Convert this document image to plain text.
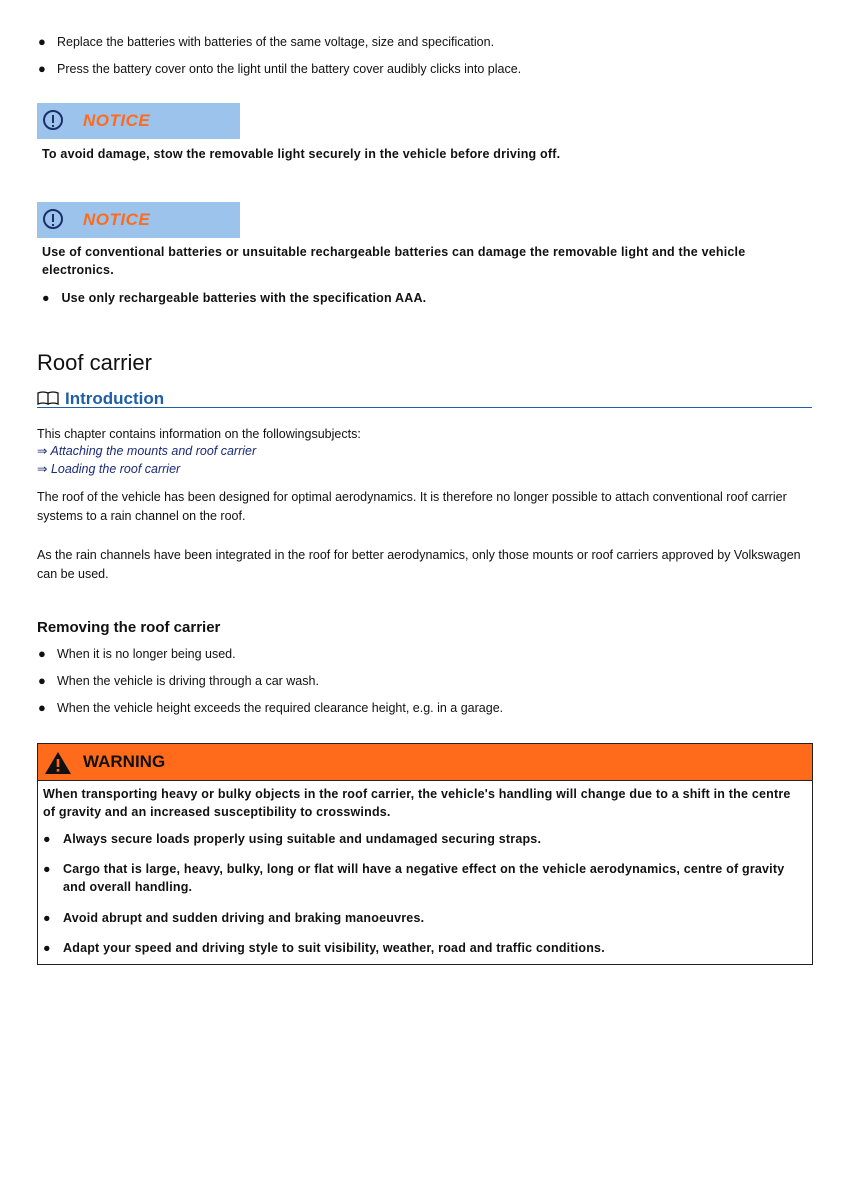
● Replace the batteries with batteries of the same voltage, size and specification.
● Press the battery cover onto the light until the battery cover audibly clicks into place.
NOTICE
To avoid damage, stow the removable light securely in the vehicle before driving off.
NOTICE
Use of conventional batteries or unsuitable rechargeable batteries can damage the removable light and the vehicle
electronics.
● Use only rechargeable batteries with the specification AAA.
Roof carrier
Introduction
This chapter contains information on the followingsubjects:
⇒ Attaching the mounts and roof carrier
⇒ Loading the roof carrier
The roof of the vehicle has been designed for optimal aerodynamics. It is therefore no longer possible to attach conventional roof carrier systems to a rain channel on the roof.
As the rain channels have been integrated in the roof for better aerodynamics, only those mounts or roof carriers approved by Volkswagen can be used.
Removing the roof carrier
● When it is no longer being used.
● When the vehicle is driving through a car wash.
● When the vehicle height exceeds the required clearance height, e.g. in a garage.
WARNING
When transporting heavy or bulky objects in the roof carrier, the vehicle's handling will change due to a shift in the centre of gravity and an increased susceptibility to crosswinds.
● Always secure loads properly using suitable and undamaged securing straps.
● Cargo that is large, heavy, bulky, long or flat will have a negative effect on the vehicle aerodynamics, centre of gravity and overall handling.
● Avoid abrupt and sudden driving and braking manoeuvres.
● Adapt your speed and driving style to suit visibility, weather, road and traffic conditions.
